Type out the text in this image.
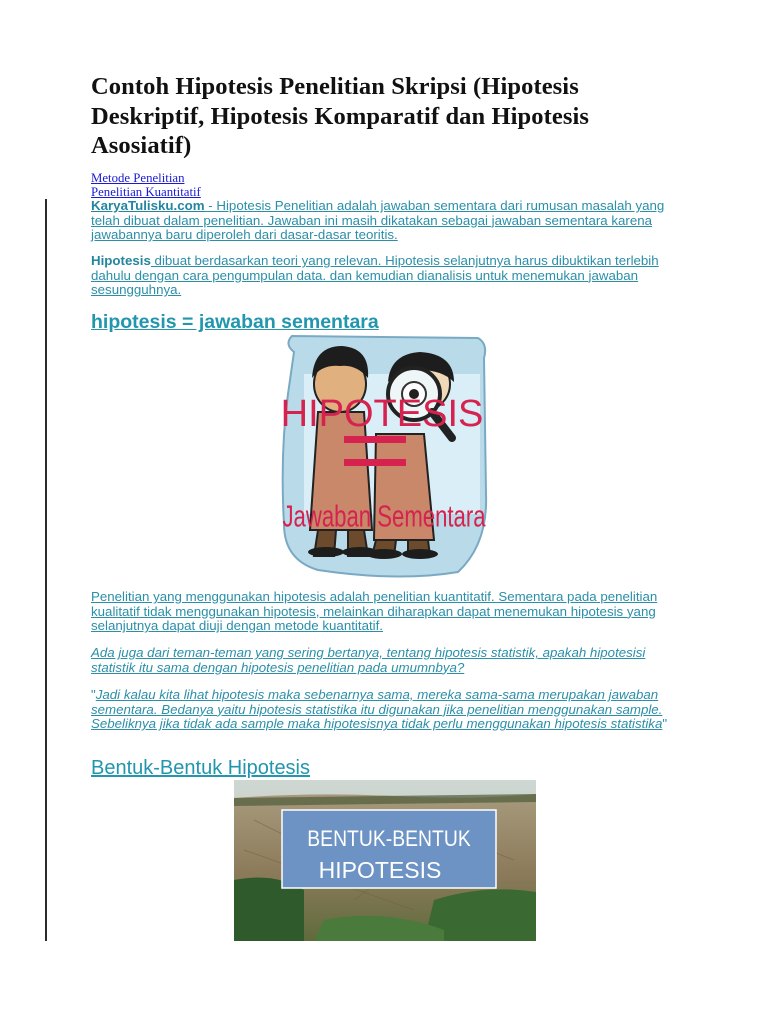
Contoh Hipotesis Penelitian Skripsi (Hipotesis Deskriptif, Hipotesis Komparatif dan Hipotesis Asosiatif)
Metode Penelitian
Penelitian Kuantitatif

KaryaTulisku.com - Hipotesis Penelitian adalah jawaban sementara dari rumusan masalah yang telah dibuat dalam penelitian. Jawaban ini masih dikatakan sebagai jawaban sementara karena jawabannya baru diperoleh dari dasar-dasar teoritis.

Hipotesis dibuat berdasarkan teori yang relevan. Hipotesis selanjutnya harus dibuktikan terlebih dahulu dengan cara pengumpulan data. dan kemudian dianalisis untuk menemukan jawaban sesungguhnya.

hipotesis = jawaban sementara
HIPOTESIS
Jawaban Sementara

Penelitian yang menggunakan hipotesis adalah penelitian kuantitatif. Sementara pada penelitian kualitatif tidak menggunakan hipotesis, melainkan diharapkan dapat menemukan hipotesis yang selanjutnya dapat diuji dengan metode kuantitatif.

Ada juga dari teman-teman yang sering bertanya, tentang hipotesis statistik, apakah hipotesisi statistik itu sama dengan hipotesis penelitian pada umumnbya?

"Jadi kalau kita lihat hipotesis maka sebenarnya sama, mereka sama-sama merupakan jawaban sementara. Bedanya yaitu hipotesis statistika itu digunakan jika penelitian menggunakan sample. Sebeliknya jika tidak ada sample maka hipotesisnya tidak perlu menggunakan hipotesis statistika"

Bentuk-Bentuk Hipotesis
BENTUK-BENTUK
HIPOTESIS
